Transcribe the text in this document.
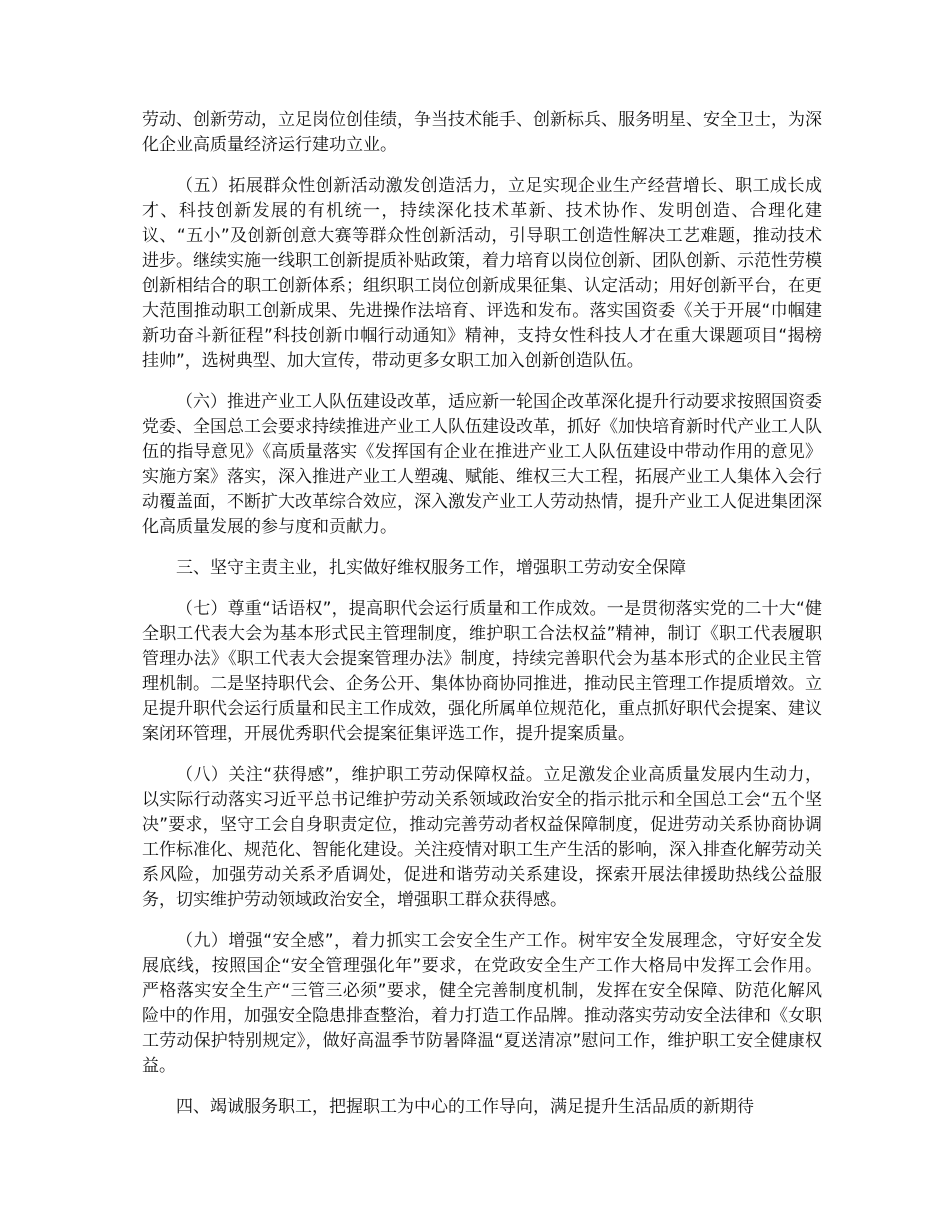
劳动、创新劳动，立足岗位创佳绩，争当技术能手、创新标兵、服务明星、安全卫士，为深化企业高质量经济运行建功立业。

（五）拓展群众性创新活动激发创造活力，立足实现企业生产经营增长、职工成长成才、科技创新发展的有机统一，持续深化技术革新、技术协作、发明创造、合理化建议、“五小”及创新创意大赛等群众性创新活动，引导职工创造性解决工艺难题，推动技术进步。继续实施一线职工创新提质补贴政策，着力培育以岗位创新、团队创新、示范性劳模创新相结合的职工创新体系；组织职工岗位创新成果征集、认定活动；用好创新平台，在更大范围推动职工创新成果、先进操作法培育、评选和发布。落实国资委《关于开展“巾帼建新功奋斗新征程”科技创新巾帼行动通知》精神，支持女性科技人才在重大课题项目“揭榜挂帅”，选树典型、加大宣传，带动更多女职工加入创新创造队伍。

（六）推进产业工人队伍建设改革，适应新一轮国企改革深化提升行动要求按照国资委党委、全国总工会要求持续推进产业工人队伍建设改革，抓好《加快培育新时代产业工人队伍的指导意见》《高质量落实《发挥国有企业在推进产业工人队伍建设中带动作用的意见》实施方案》落实，深入推进产业工人塑魂、赋能、维权三大工程，拓展产业工人集体入会行动覆盖面，不断扩大改革综合效应，深入激发产业工人劳动热情，提升产业工人促进集团深化高质量发展的参与度和贡献力。

三、坚守主责主业，扎实做好维权服务工作，增强职工劳动安全保障

（七）尊重“话语权”，提高职代会运行质量和工作成效。一是贯彻落实党的二十大“健全职工代表大会为基本形式民主管理制度，维护职工合法权益”精神，制订《职工代表履职管理办法》《职工代表大会提案管理办法》制度，持续完善职代会为基本形式的企业民主管理机制。二是坚持职代会、企务公开、集体协商协同推进，推动民主管理工作提质增效。立足提升职代会运行质量和民主工作成效，强化所属单位规范化，重点抓好职代会提案、建议案闭环管理，开展优秀职代会提案征集评选工作，提升提案质量。

（八）关注“获得感”，维护职工劳动保障权益。立足激发企业高质量发展内生动力，以实际行动落实习近平总书记维护劳动关系领域政治安全的指示批示和全国总工会“五个坚决”要求，坚守工会自身职责定位，推动完善劳动者权益保障制度，促进劳动关系协商协调工作标准化、规范化、智能化建设。关注疫情对职工生产生活的影响，深入排查化解劳动关系风险，加强劳动关系矛盾调处，促进和谐劳动关系建设，探索开展法律援助热线公益服务，切实维护劳动领域政治安全，增强职工群众获得感。

（九）增强“安全感”，着力抓实工会安全生产工作。树牢安全发展理念，守好安全发展底线，按照国企“安全管理强化年”要求，在党政安全生产工作大格局中发挥工会作用。严格落实安全生产“三管三必须”要求，健全完善制度机制，发挥在安全保障、防范化解风险中的作用，加强安全隐患排查整治，着力打造工作品牌。推动落实劳动安全法律和《女职工劳动保护特别规定》，做好高温季节防暑降温“夏送清凉”慰问工作，维护职工安全健康权益。

四、竭诚服务职工，把握职工为中心的工作导向，满足提升生活品质的新期待
